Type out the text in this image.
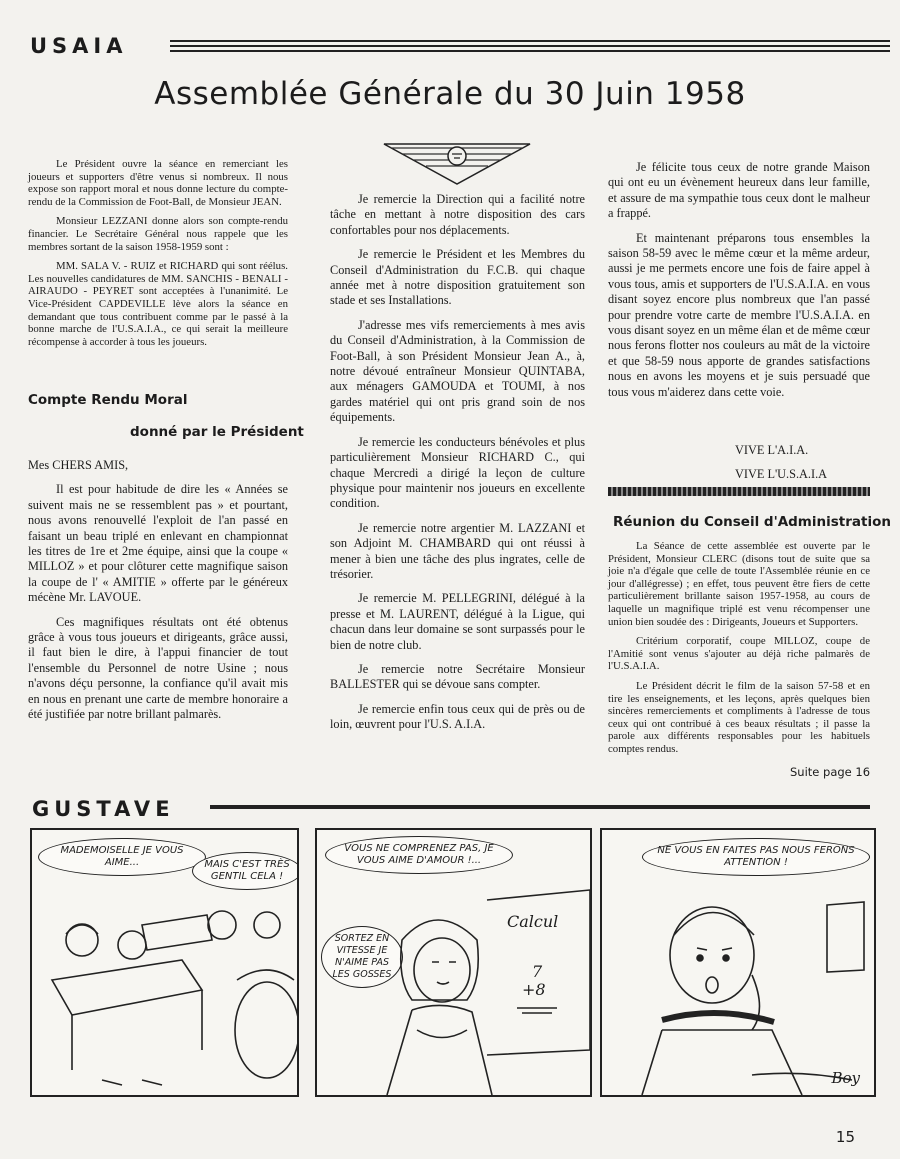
USAIA
Assemblée Générale du 30 Juin 1958

Le Président ouvre la séance en remerciant les joueurs et supporters d'être venus si nombreux. Il nous expose son rapport moral et nous donne lecture du compte-rendu de la Commission de Foot-Ball, de Monsieur JEAN.

Monsieur LEZZANI donne alors son compte-rendu financier. Le Secrétaire Général nous rappele que les membres sortant de la saison 1958-1959 sont :

MM. SALA V. - RUIZ et RICHARD qui sont réélus. Les nouvelles candidatures de MM. SANCHIS - BENALI - AIRAUDO - PEYRET sont acceptées à l'unanimité. Le Vice-Président CAPDEVILLE lève alors la séance en demandant que tous contribuent comme par le passé à la bonne marche de l'U.S.A.I.A., ce qui serait la meilleure récompense à accorder à tous les joueurs.

Compte Rendu Moral

donné par le Président

Mes CHERS AMIS,

Il est pour habitude de dire les « Années se suivent mais ne se ressemblent pas » et pourtant, nous avons renouvellé l'exploit de l'an passé en faisant un beau triplé en enlevant en championnat les titres de 1re et 2me équipe, ainsi que la coupe « MILLOZ » et pour clôturer cette magnifique saison la coupe de l' « AMITIE » offerte par le généreux mécène Mr. LAVOUE.

Ces magnifiques résultats ont été obtenus grâce à vous tous joueurs et dirigeants, grâce aussi, il faut bien le dire, à l'appui financier de tout l'ensemble du Personnel de notre Usine ; nous n'avons déçu personne, la confiance qu'il avait mis en nous en prenant une carte de membre honoraire a été justifiée par notre brillant palmarès.

Je remercie la Direction qui a facilité notre tâche en mettant à notre disposition des cars confortables pour nos déplacements.

Je remercie le Président et les Membres du Conseil d'Administration du F.C.B. qui chaque année met à notre disposition gratuitement son stade et ses Installations.

J'adresse mes vifs remerciements à mes avis du Conseil d'Administration, à la Commission de Foot-Ball, à son Président Monsieur Jean A., à, notre dévoué entraîneur Monsieur QUINTABA, aux ménagers GAMOUDA et TOUMI, à nos gardes matériel qui ont pris grand soin de nos équipements.

Je remercie les conducteurs bénévoles et plus particulièrement Monsieur RICHARD C., qui chaque Mercredi a dirigé la leçon de culture physique pour maintenir nos joueurs en excellente condition.

Je remercie notre argentier M. LAZZANI et son Adjoint M. CHAMBARD qui ont réussi à mener à bien une tâche des plus ingrates, celle de trésorier.

Je remercie M. PELLEGRINI, délégué à la presse et M. LAURENT, délégué à la Ligue, qui chacun dans leur domaine se sont surpassés pour le bien de notre club.

Je remercie notre Secrétaire Monsieur BALLESTER qui se dévoue sans compter.

Je remercie enfin tous ceux qui de près ou de loin, œuvrent pour l'U.S. A.I.A.

Je félicite tous ceux de notre grande Maison qui ont eu un évènement heureux dans leur famille, et assure de ma sympathie tous ceux dont le malheur a frappé.

Et maintenant préparons tous ensembles la saison 58-59 avec le même cœur et la même ardeur, aussi je me permets encore une fois de faire appel à vous tous, amis et supporters de l'U.S.A.I.A. en vous disant soyez encore plus nombreux que l'an passé pour prendre votre carte de membre l'U.S.A.I.A. en vous disant soyez en un même élan et de même cœur nous ferons flotter nos couleurs au mât de la victoire et que 58-59 nous apporte de grandes satisfactions nous en avons les moyens et je suis persuadé que tous vous m'aiderez dans cette voie.

VIVE L'A.I.A.
VIVE L'U.S.A.I.A

Réunion du Conseil d'Administration

La Séance de cette assemblée est ouverte par le Président, Monsieur CLERC (disons tout de suite que sa joie n'a d'égale que celle de toute l'Assemblée réunie en ce jour d'allégresse) ; en effet, tous peuvent être fiers de cette particulièrement brillante saison 1957-1958, au cours de laquelle un magnifique triplé est venu récompenser une union bien soudée des : Dirigeants, Joueurs et Supporters.

Critérium corporatif, coupe MILLOZ, coupe de l'Amitié sont venus s'ajouter au déjà riche palmarès de l'U.S.A.I.A.

Le Président décrit le film de la saison 57-58 et en tire les enseignements, et les leçons, après quelques bien sincères remerciements et compliments à l'adresse de tous ceux qui ont contribué à ces beaux résultats ; il passe la parole aux différents responsables pour les habituels comptes rendus.

Suite page 16
GUSTAVE
MADEMOISELLE JE VOUS AIME...	MAIS C'EST TRÈS GENTIL CELA !
VOUS NE COMPRENEZ PAS, JE VOUS AIME D'AMOUR !...
SORTEZ EN VITESSE JE N'AIME PAS LES GOSSES
Calcul
7
+8
NE VOUS EN FAITES PAS NOUS FERONS ATTENTION !
Boy
15
